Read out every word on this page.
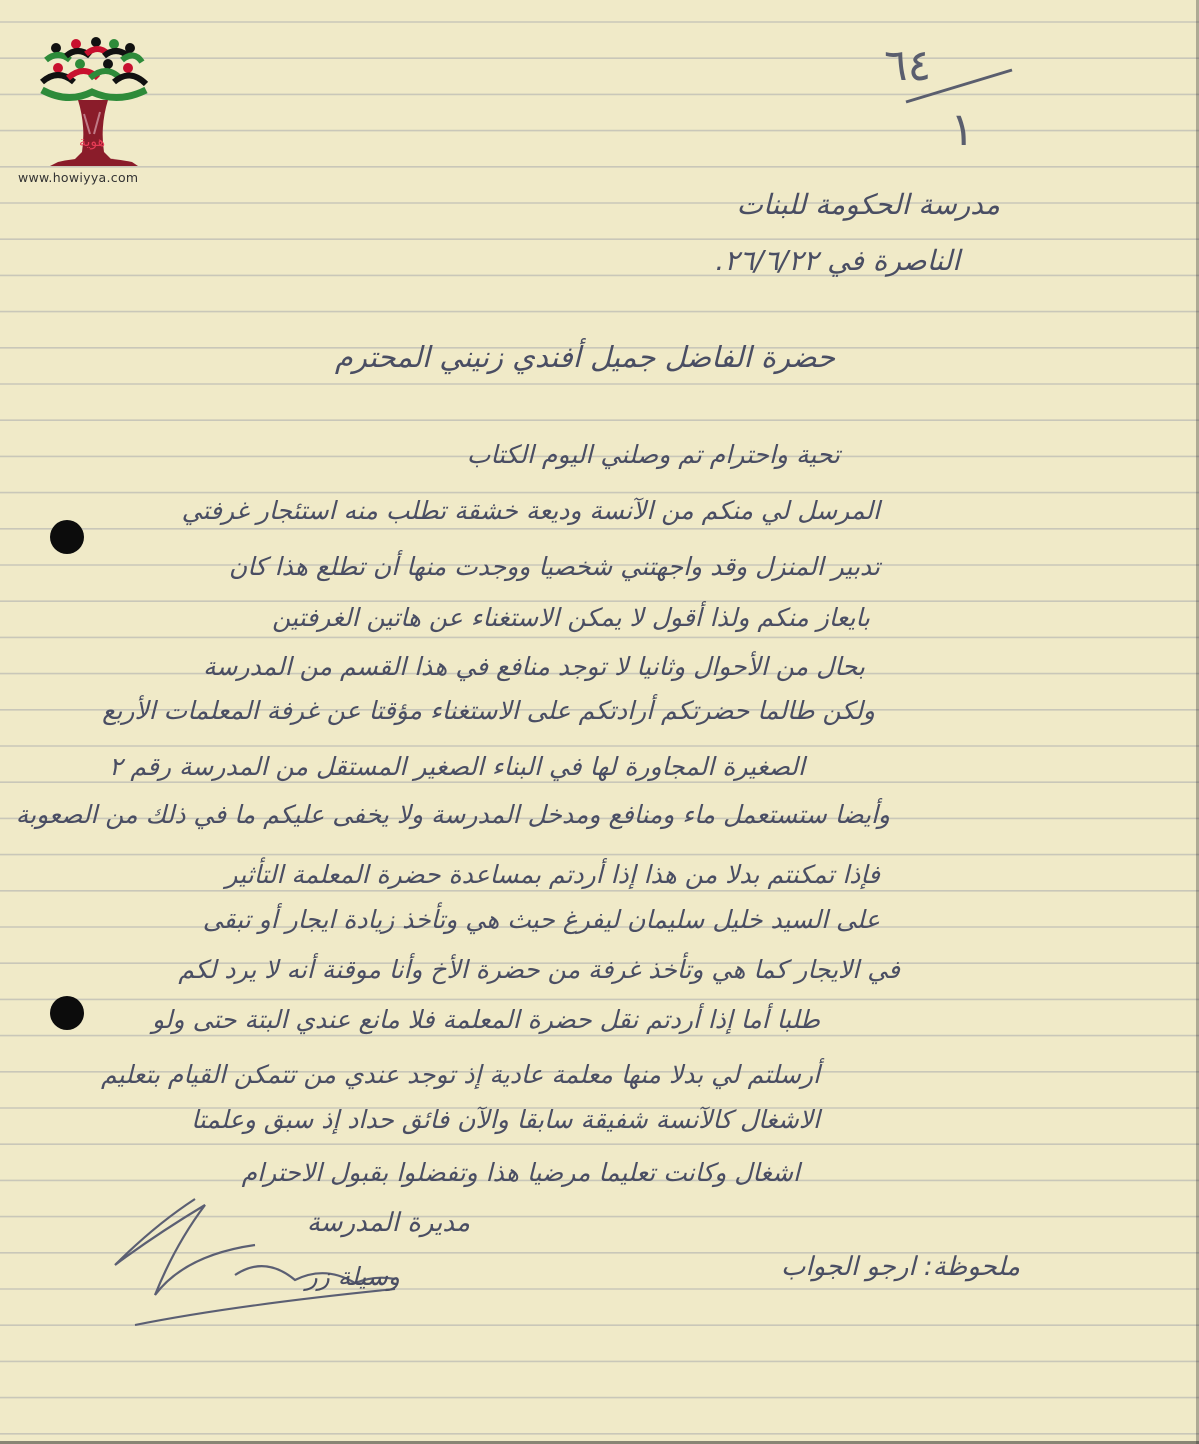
هوية
www.howiyya.com
٦٤
١
مدرسة الحكومة للبنات
الناصرة في ٢٦/٦/٢٢.
حضرة الفاضل جميل أفندي زنيني المحترم
تحية واحترام تم وصلني اليوم الكتاب
المرسل لي منكم من الآنسة وديعة خشقة تطلب منه استئجار غرفتي
تدبير المنزل وقد واجهتني شخصيا ووجدت منها أن تطلع هذا كان
بايعاز منكم ولذا أقول لا يمكن الاستغناء عن هاتين الغرفتين
بحال من الأحوال وثانيا لا توجد منافع في هذا القسم من المدرسة
ولكن طالما حضرتكم أرادتكم على الاستغناء مؤقتا عن غرفة المعلمات الأربع
الصغيرة المجاورة لها في البناء الصغير المستقل من المدرسة رقم ٢
وأيضا ستستعمل ماء ومنافع ومدخل المدرسة ولا يخفى عليكم ما في ذلك من الصعوبة
فإذا تمكنتم بدلا من هذا إذا أردتم بمساعدة حضرة المعلمة التأثير
على السيد خليل سليمان ليفرغ حيث هي وتأخذ زيادة ايجار أو تبقى
في الايجار كما هي وتأخذ غرفة من حضرة الأخ وأنا موقنة أنه لا يرد لكم
طلبا أما إذا أردتم نقل حضرة المعلمة فلا مانع عندي البتة حتى ولو
أرسلتم لي بدلا منها معلمة عادية إذ توجد عندي من تتمكن القيام بتعليم
الاشغال كالآنسة شفيقة سابقا والآن فائق حداد إذ سبق وعلمتا
اشغال وكانت تعليما مرضيا هذا وتفضلوا بقبول الاحترام
مديرة المدرسة
وسيلة زر	ملحوظة: ارجو الجواب
